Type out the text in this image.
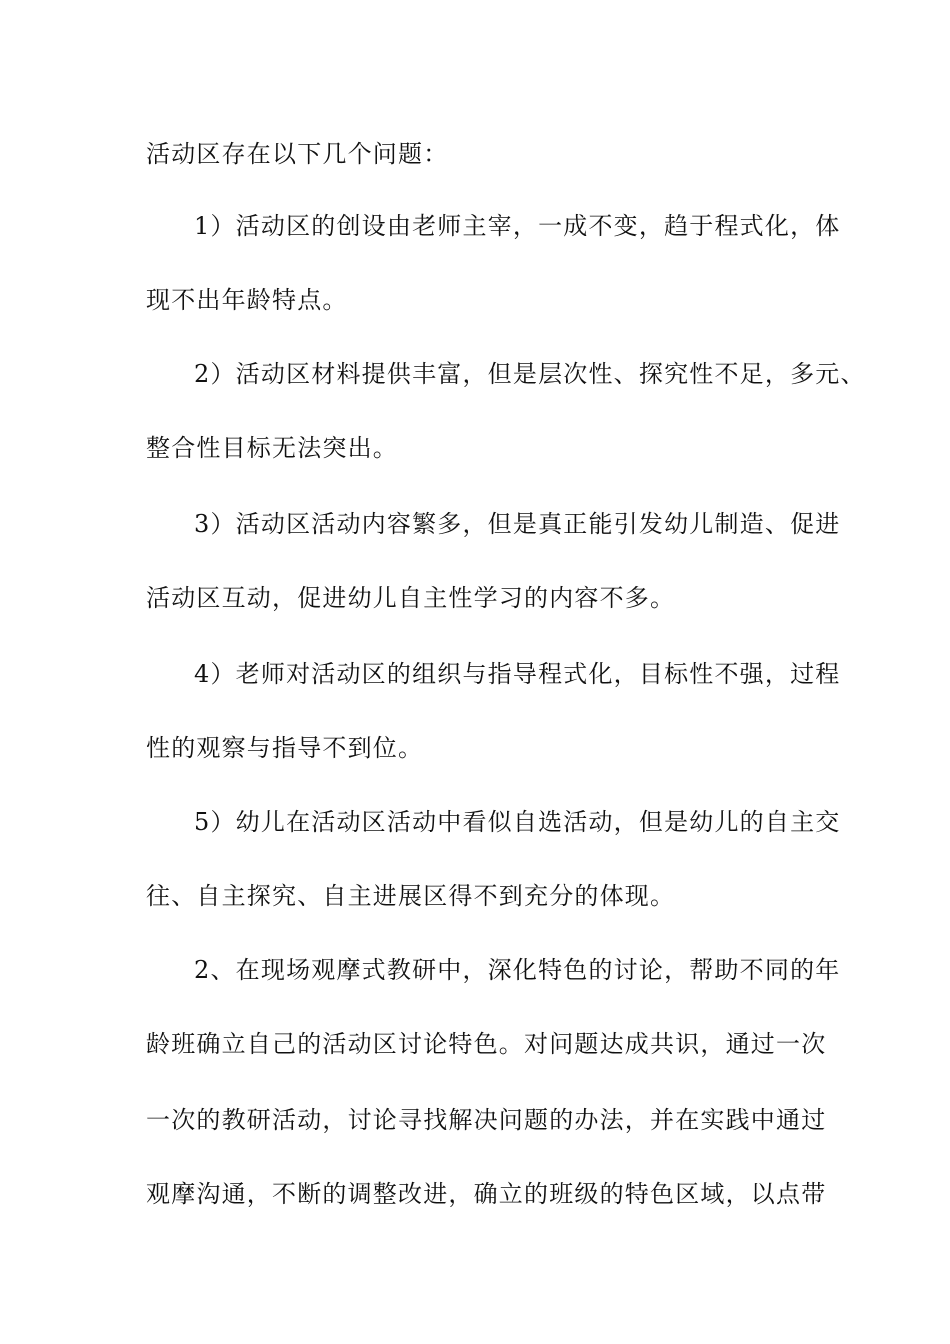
活动区存在以下几个问题：
1）活动区的创设由老师主宰，一成不变，趋于程式化，体
现不出年龄特点。
2）活动区材料提供丰富，但是层次性、探究性不足，多元、
整合性目标无法突出。
3）活动区活动内容繁多，但是真正能引发幼儿制造、促进
活动区互动，促进幼儿自主性学习的内容不多。
4）老师对活动区的组织与指导程式化，目标性不强，过程
性的观察与指导不到位。
5）幼儿在活动区活动中看似自选活动，但是幼儿的自主交
往、自主探究、自主进展区得不到充分的体现。
2、在现场观摩式教研中，深化特色的讨论，帮助不同的年
龄班确立自己的活动区讨论特色。对问题达成共识，通过一次
一次的教研活动，讨论寻找解决问题的办法，并在实践中通过
观摩沟通，不断的调整改进，确立的班级的特色区域，以点带
